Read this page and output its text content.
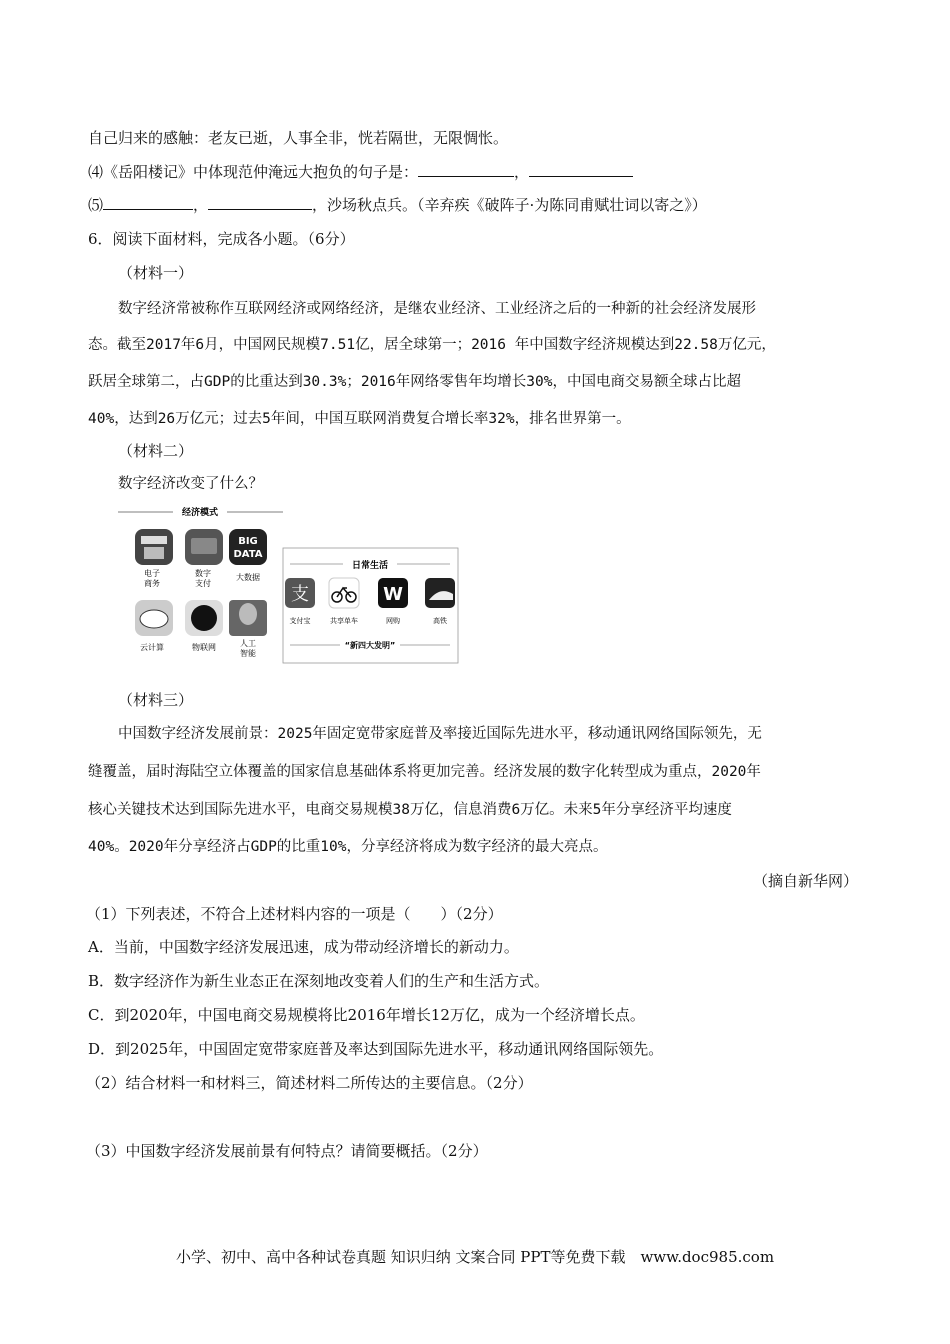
自己归来的感触：老友已逝，人事全非，恍若隔世，无限惆怅。
⑷《岳阳楼记》中体现范仲淹远大抱负的句子是：	，
⑸	，	，沙场秋点兵。（辛弃疾《破阵子·为陈同甫赋壮词以寄之》）
6．阅读下面材料，完成各小题。（6分）
（材料一）
数字经济常被称作互联网经济或网络经济，是继农业经济、工业经济之后的一种新的社会经济发展形
态。截至2017年6月，中国网民规模7.51亿，居全球第一；2016 年中国数字经济规模达到22.58万亿元，
跃居全球第二，占GDP的比重达到30.3%；2016年网络零售年均增长30%，中国电商交易额全球占比超
40%，达到26万亿元；过去5年间，中国互联网消费复合增长率32%，排名世界第一。
（材料二）
数字经济改变了什么？
经济模式
BIG
DATA
电子
商务
数字
支付
大数据
云计算	物联网	人工
智能
日常生活
支	W
支付宝	共享单车	网购	高铁
“新四大发明”
（材料三）
中国数字经济发展前景：2025年固定宽带家庭普及率接近国际先进水平，移动通讯网络国际领先，无
缝覆盖，届时海陆空立体覆盖的国家信息基础体系将更加完善。经济发展的数字化转型成为重点，2020年
核心关键技术达到国际先进水平，电商交易规模38万亿，信息消费6万亿。未来5年分享经济平均速度
40%。2020年分享经济占GDP的比重10%，分享经济将成为数字经济的最大亮点。
（摘自新华网）
（1）下列表述，不符合上述材料内容的一项是（　　）（2分）
A．当前，中国数字经济发展迅速，成为带动经济增长的新动力。
B．数字经济作为新生业态正在深刻地改变着人们的生产和生活方式。
C．到2020年，中国电商交易规模将比2016年增长12万亿，成为一个经济增长点。
D．到2025年，中国固定宽带家庭普及率达到国际先进水平，移动通讯网络国际领先。
（2）结合材料一和材料三，简述材料二所传达的主要信息。（2分）
（3）中国数字经济发展前景有何特点？请简要概括。（2分）
小学、初中、高中各种试卷真题 知识归纳 文案合同 PPT等免费下载　www.doc985.com
